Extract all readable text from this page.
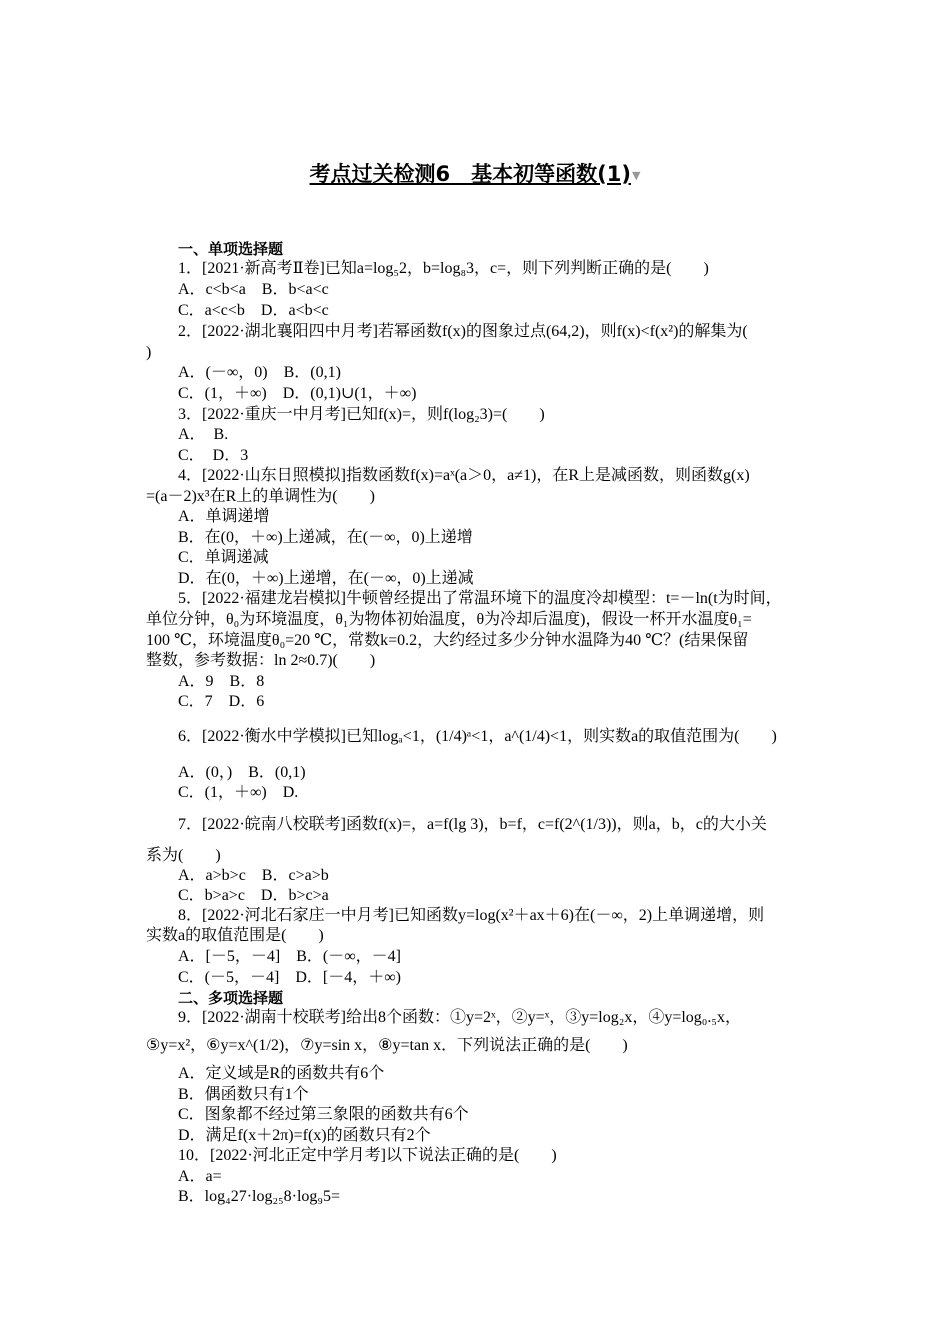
考点过关检测6　基本初等函数(1)▼
一、单项选择题
1．[2021·新高考Ⅱ卷]已知a=log₅2，b=log₈3，c=，则下列判断正确的是(　　)
A．c<b<a　B．b<a<c
C．a<c<b　D．a<b<c
2．[2022·湖北襄阳四中月考]若幂函数f(x)的图象过点(64,2)，则f(x)<f(x²)的解集为(
)
A．(－∞，0)　B．(0,1)
C．(1，＋∞)　D．(0,1)∪(1，＋∞)
3．[2022·重庆一中月考]已知f(x)=，则f(log₂3)=(　　)
A．　B.
C．　D．3
4．[2022·山东日照模拟]指数函数f(x)=aˣ(a＞0，a≠1)，在R上是减函数，则函数g(x)
=(a－2)x³在R上的单调性为(　　)
A．单调递增
B．在(0，＋∞)上递减，在(－∞，0)上递增
C．单调递减
D．在(0，＋∞)上递增，在(－∞，0)上递减
5．[2022·福建龙岩模拟]牛顿曾经提出了常温环境下的温度冷却模型：t=－ln(t为时间，
单位分钟，θ₀为环境温度，θ₁为物体初始温度，θ为冷却后温度)，假设一杯开水温度θ₁=
100 ℃，环境温度θ₀=20 ℃，常数k=0.2，大约经过多少分钟水温降为40 ℃？(结果保留
整数，参考数据：ln 2≈0.7)(　　)
A．9　B．8
C．7　D．6
6．[2022·衡水中学模拟]已知logₐ<1，(1/4)ᵃ<1，a^(1/4)<1，则实数a的取值范围为(　　)
A．(0，)　B．(0,1)
C．(1，＋∞)　D.
7．[2022·皖南八校联考]函数f(x)=，a=f(lg 3)，b=f，c=f(2^(1/3))，则a，b，c的大小关
系为(　　)
A．a>b>c　B．c>a>b
C．b>a>c　D．b>c>a
8．[2022·河北石家庄一中月考]已知函数y=log(x²＋ax＋6)在(－∞，2)上单调递增，则
实数a的取值范围是(　　)
A．[－5，－4]　B．(－∞，－4]
C．(－5，－4]　D．[－4，＋∞)
二、多项选择题
9．[2022·湖南十校联考]给出8个函数：①y=2ˣ，②y=ˣ，③y=log₂x，④y=log₀.₅x，
⑤y=x²，⑥y=x^(1/2)，⑦y=sin x，⑧y=tan x．下列说法正确的是(　　)
A．定义域是R的函数共有6个
B．偶函数只有1个
C．图象都不经过第三象限的函数共有6个
D．满足f(x＋2π)=f(x)的函数只有2个
10．[2022·河北正定中学月考]以下说法正确的是(　　)
A．a=
B．log₄27·log₂₅8·log₉5=
